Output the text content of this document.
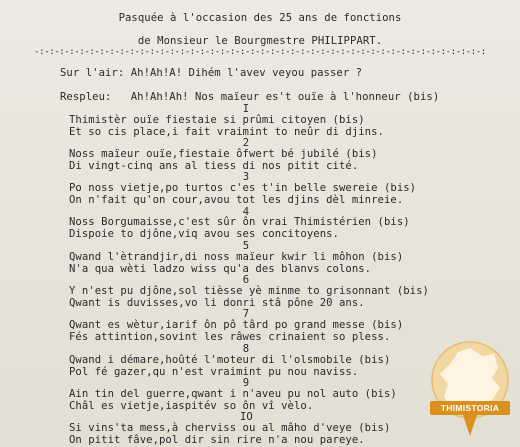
Pasquée à l'occasion des 25 ans de fonctions
de Monsieur le Bourgmestre PHILIPPART.
-:-:-:-:-:-:-:-:-:-:-:-:-:-:-:-:-:-:-:-:-:-:-:-:-:-:-:-:-:-:-:-:-:-:-:-:-:-:-:-:-:-:-:-:-:
Sur l'air: Ah!Ah!A! Dihém l'avev veyou passer ?
Respleu:   Ah!Ah!Ah! Nos maïeur es't ouïe à l'honneur (bis)
I
Thimistèr ouïe fiestaie si prûmi citoyen (bis)
Et so cis place,i fait vraimint to neûr di djins.
2
Noss maïeur ouïe,fiestaie ôfwert bé jubilé (bis)
Di vingt-cinq ans al tiess di nos pitit cité.
3
Po noss vietje,po turtos c'es t'in belle swereie (bis)
On n'fait qu'on cour,avou tot les djins dèl minreie.
4
Noss Borgumaisse,c'est sûr ôn vrai Thimistérien (bis)
Dispoie to djône,viq avou ses concitoyens.
5
Qwand l'ètrandjir,di noss maïeur kwir li môhon (bis)
N'a qua wèti ladzo wiss qu'a des blanvs colons.
6
Y n'est pu djône,sol tièsse yè minme to grisonnant (bis)
Qwant is duvisses,vo li donri stâ pône 20 ans.
7
Qwant es wètur,iarif ôn pô târd po grand messe (bis)
Fés attintion,sovint les râwes crinaient so pless.
8
Qwand i démare,hoûté l'moteur di l'olsmobile (bis)
Pol fé gazer,qu n'est vraimint pu nou naviss.
9
Ain tin del guerre,qwant i n'aveu pu nol auto (bis)
Châl es vietje,iaspitév so ôn vî vèlo.
IO
Si vins'ta mess,à cherviss ou al mâho d'veye (bis)
On pitit fâve,pol dir sin rire n'a nou pareye.
THIMISTORIA
